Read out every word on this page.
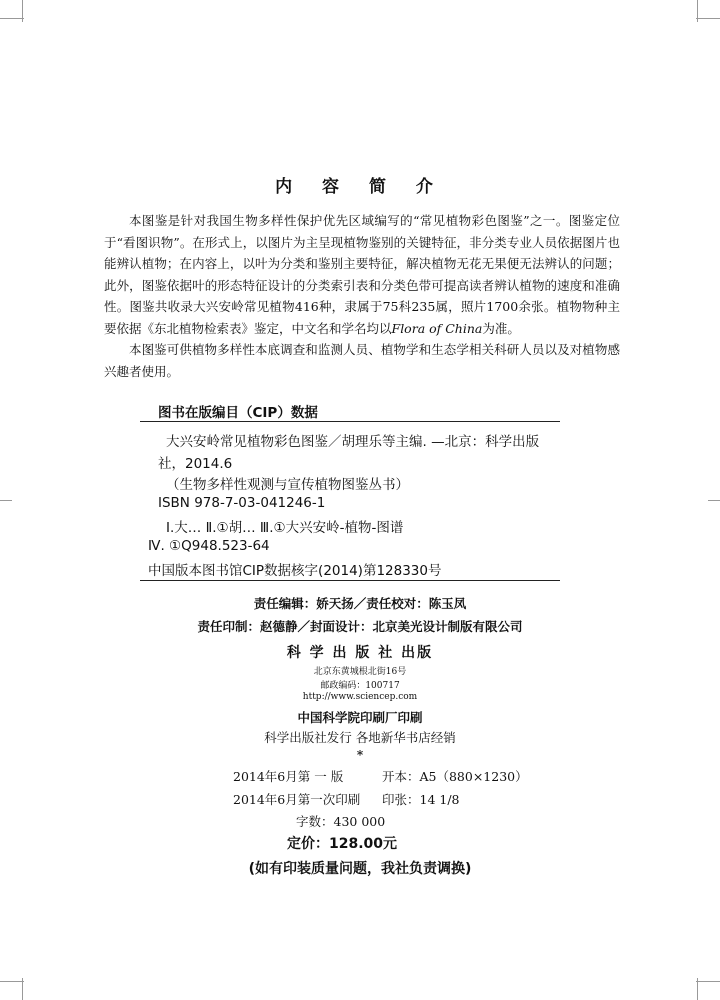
内 容 简 介

本图鉴是针对我国生物多样性保护优先区域编写的“常见植物彩色图鉴”之一。图鉴定位于“看图识物”。在形式上，以图片为主呈现植物鉴别的关键特征，非分类专业人员依据图片也能辨认植物；在内容上，以叶为分类和鉴别主要特征，解决植物无花无果便无法辨认的问题；此外，图鉴依据叶的形态特征设计的分类索引表和分类色带可提高读者辨认植物的速度和准确性。图鉴共收录大兴安岭常见植物416种，隶属于75科235属，照片1700余张。植物物种主要依据《东北植物检索表》鉴定，中文名和学名均以Flora of China为准。

本图鉴可供植物多样性本底调查和监测人员、植物学和生态学相关科研人员以及对植物感兴趣者使用。

图书在版编目（CIP）数据

大兴安岭常见植物彩色图鉴／胡理乐等主编. —北京：科学出版

社，2014.6

（生物多样性观测与宣传植物图鉴丛书）

ISBN 978-7-03-041246-1

Ⅰ.大… Ⅱ.①胡… Ⅲ.①大兴安岭-植物-图谱

Ⅳ. ①Q948.523-64

中国版本图书馆CIP数据核字(2014)第128330号

责任编辑：娇天扬／责任校对：陈玉凤

责任印制：赵德静／封面设计：北京美光设计制版有限公司

科 学 出 版 社 出版

北京东黄城根北街16号

邮政编码：100717

http://www.sciencep.com

中国科学院印刷厂印刷

科学出版社发行 各地新华书店经销

*

2014年6月第 一 版	开本：A5（880×1230）

2014年6月第一次印刷 印张：14 1/8

字数：430 000

定价：128.00元

(如有印装质量问题，我社负责调换)
